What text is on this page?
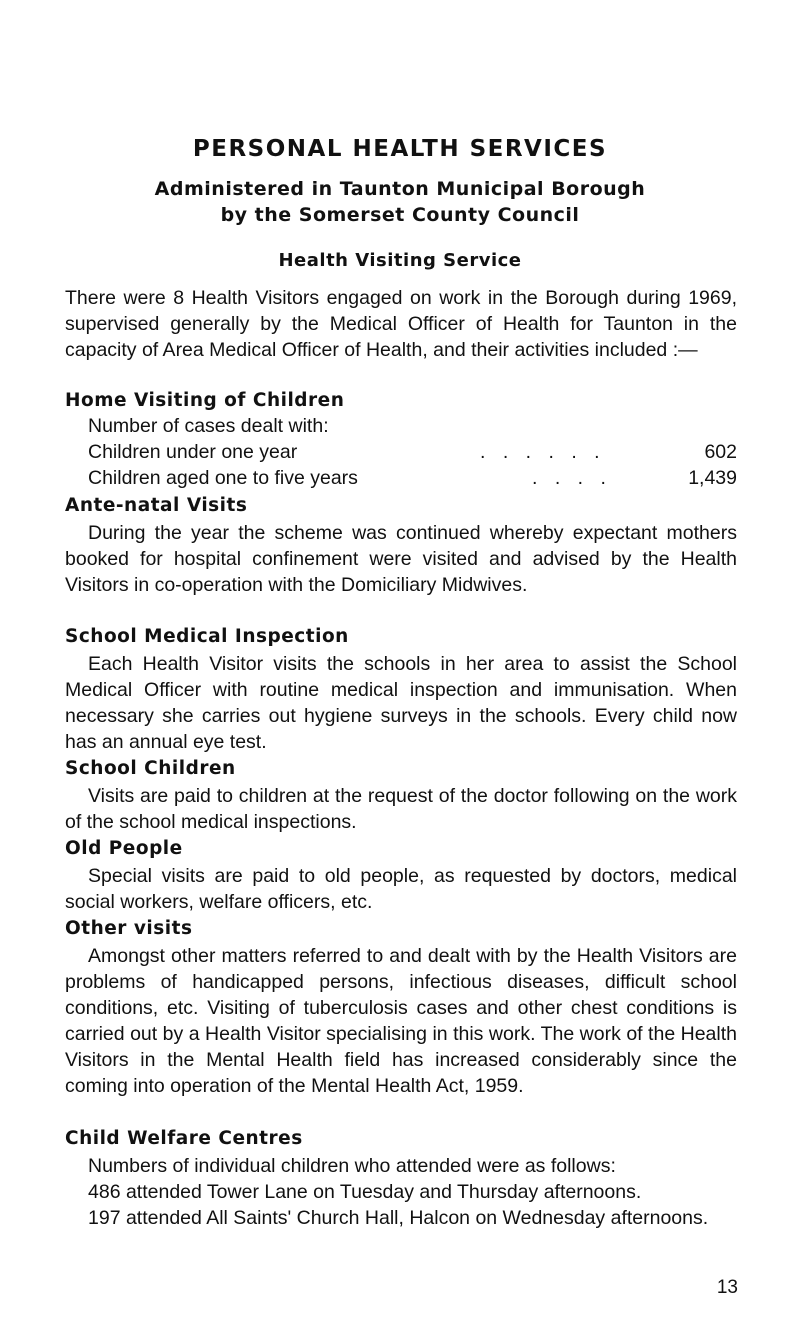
PERSONAL HEALTH SERVICES
Administered in Taunton Municipal Borough
by the Somerset County Council
Health Visiting Service

There were 8 Health Visitors engaged on work in the Borough during 1969, supervised generally by the Medical Officer of Health for Taunton in the capacity of Area Medical Officer of Health, and their activities included :—

Home Visiting of Children
Number of cases dealt with:
Children under one year	. . . . . .	602
Children aged one to five years	. . . .	1,439
Ante-natal Visits

During the year the scheme was continued whereby expectant mothers booked for hospital confinement were visited and advised by the Health Visitors in co-operation with the Domiciliary Midwives.

School Medical Inspection

Each Health Visitor visits the schools in her area to assist the School Medical Officer with routine medical inspection and immunisation. When necessary she carries out hygiene surveys in the schools. Every child now has an annual eye test.

School Children

Visits are paid to children at the request of the doctor following on the work of the school medical inspections.

Old People

Special visits are paid to old people, as requested by doctors, medical social workers, welfare officers, etc.

Other visits

Amongst other matters referred to and dealt with by the Health Visitors are problems of handicapped persons, infectious diseases, difficult school conditions, etc. Visiting of tuberculosis cases and other chest conditions is carried out by a Health Visitor specialising in this work. The work of the Health Visitors in the Mental Health field has increased considerably since the coming into operation of the Mental Health Act, 1959.

Child Welfare Centres

Numbers of individual children who attended were as follows:

486 attended Tower Lane on Tuesday and Thursday afternoons.

197 attended All Saints' Church Hall, Halcon on Wednesday afternoons.

13
